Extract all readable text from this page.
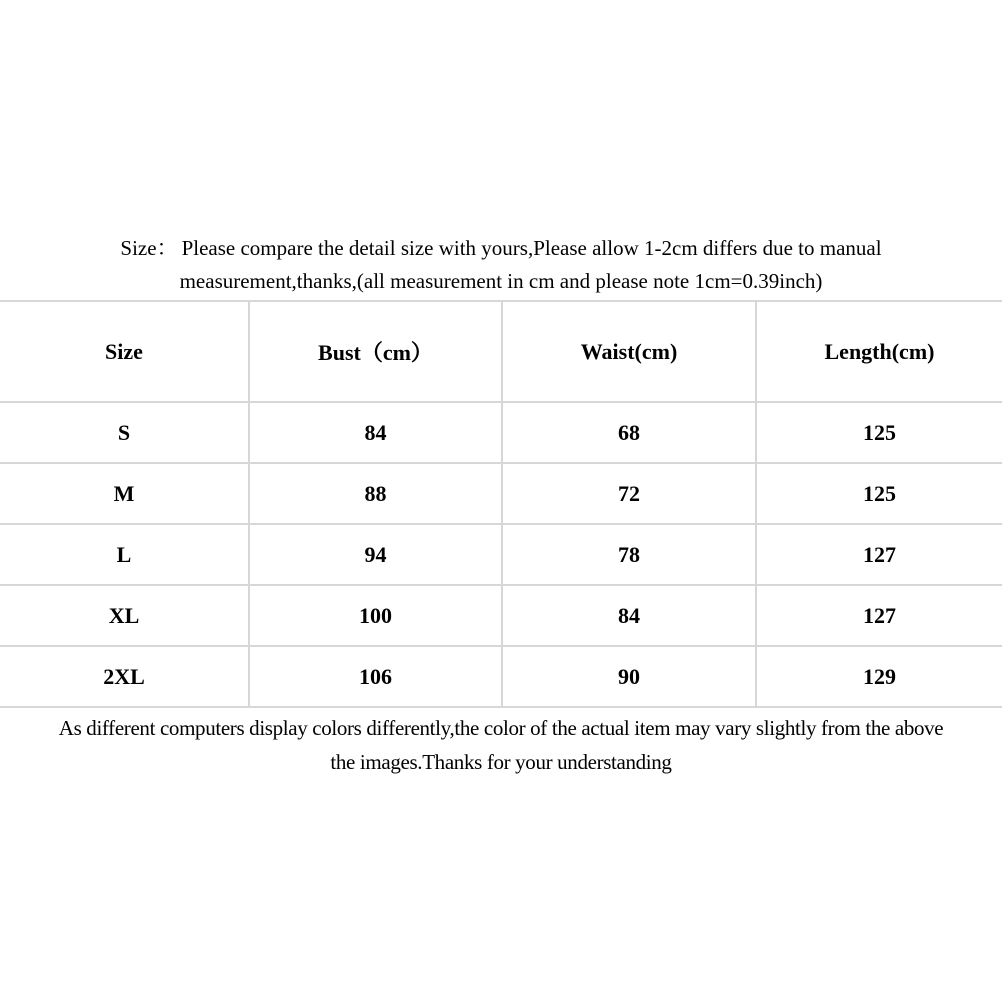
Size： Please compare the detail size with yours,Please allow 1-2cm differs due to manual
measurement,thanks,(all measurement in cm and please note 1cm=0.39inch)
Size	Bust（cm）	Waist(cm)	Length(cm)
S	84	68	125
M	88	72	125
L	94	78	127
XL	100	84	127
2XL	106	90	129
As different computers display colors differently,the color of the actual item may vary slightly from the above
the images.Thanks for your understanding
